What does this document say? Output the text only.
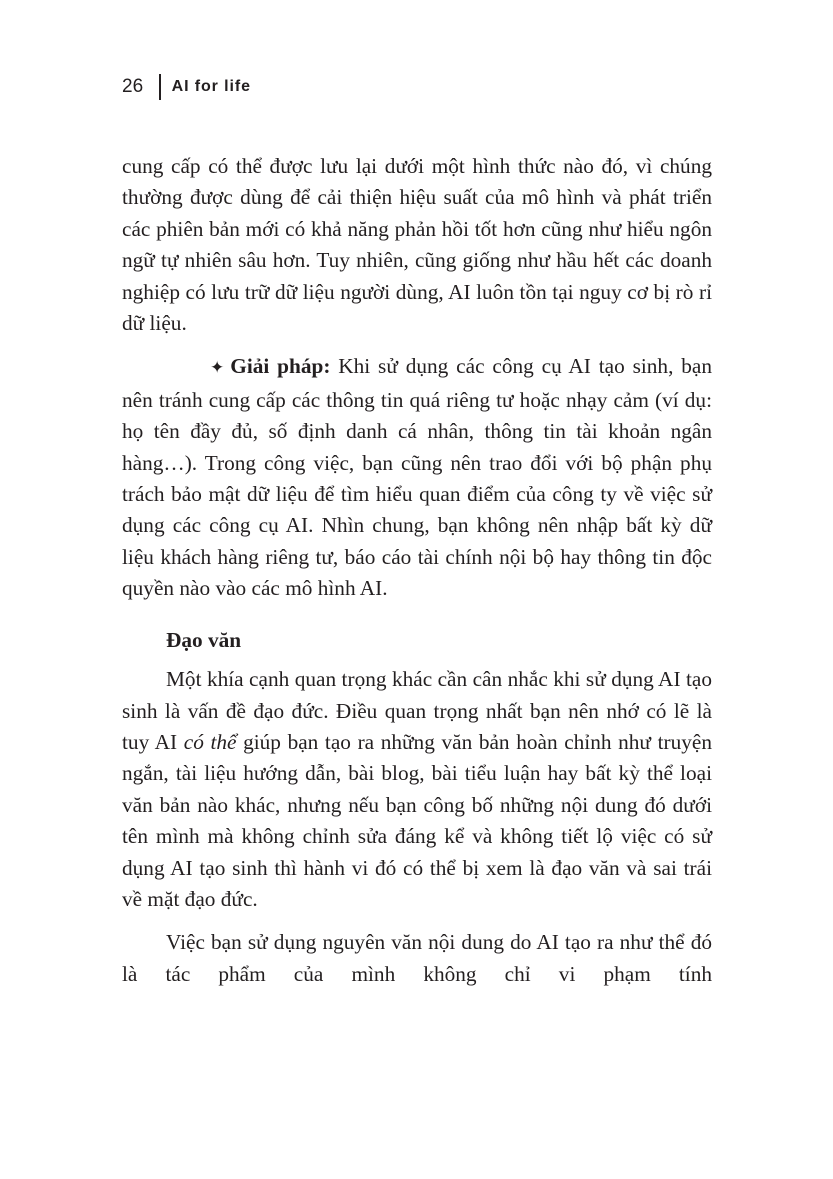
26 AI for life

cung cấp có thể được lưu lại dưới một hình thức nào đó, vì chúng thường được dùng để cải thiện hiệu suất của mô hình và phát triển các phiên bản mới có khả năng phản hồi tốt hơn cũng như hiểu ngôn ngữ tự nhiên sâu hơn. Tuy nhiên, cũng giống như hầu hết các doanh nghiệp có lưu trữ dữ liệu người dùng, AI luôn tồn tại nguy cơ bị rò rỉ dữ liệu.

✦ Giải pháp: Khi sử dụng các công cụ AI tạo sinh, bạn nên tránh cung cấp các thông tin quá riêng tư hoặc nhạy cảm (ví dụ: họ tên đầy đủ, số định danh cá nhân, thông tin tài khoản ngân hàng…). Trong công việc, bạn cũng nên trao đổi với bộ phận phụ trách bảo mật dữ liệu để tìm hiểu quan điểm của công ty về việc sử dụng các công cụ AI. Nhìn chung, bạn không nên nhập bất kỳ dữ liệu khách hàng riêng tư, báo cáo tài chính nội bộ hay thông tin độc quyền nào vào các mô hình AI.

Đạo văn

Một khía cạnh quan trọng khác cần cân nhắc khi sử dụng AI tạo sinh là vấn đề đạo đức. Điều quan trọng nhất bạn nên nhớ có lẽ là tuy AI có thể giúp bạn tạo ra những văn bản hoàn chỉnh như truyện ngắn, tài liệu hướng dẫn, bài blog, bài tiểu luận hay bất kỳ thể loại văn bản nào khác, nhưng nếu bạn công bố những nội dung đó dưới tên mình mà không chỉnh sửa đáng kể và không tiết lộ việc có sử dụng AI tạo sinh thì hành vi đó có thể bị xem là đạo văn và sai trái về mặt đạo đức.

Việc bạn sử dụng nguyên văn nội dung do AI tạo ra như thể đó là tác phẩm của mình không chỉ vi phạm tính
